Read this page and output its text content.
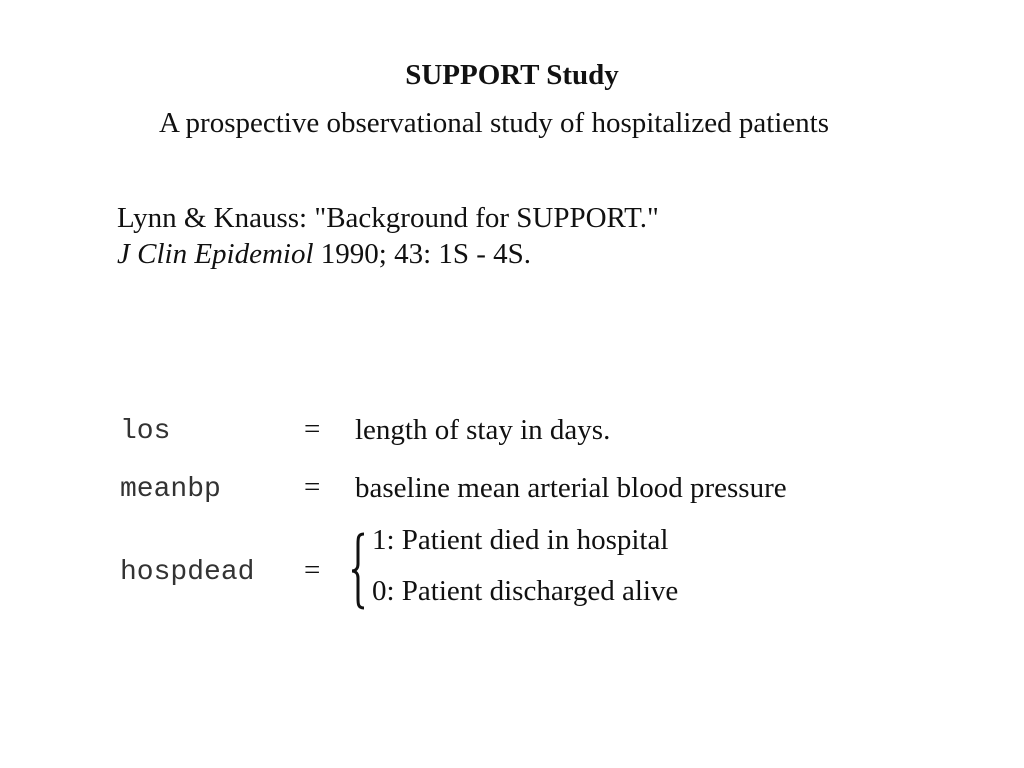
SUPPORT Study
A prospective observational study of hospitalized patients
Lynn & Knauss: "Background for SUPPORT."
J Clin Epidemiol 1990; 43: 1S - 4S.
los	= length of stay in days.
meanbp	= baseline mean arterial blood pressure
hospdead =
1: Patient died in hospital
0: Patient discharged alive
